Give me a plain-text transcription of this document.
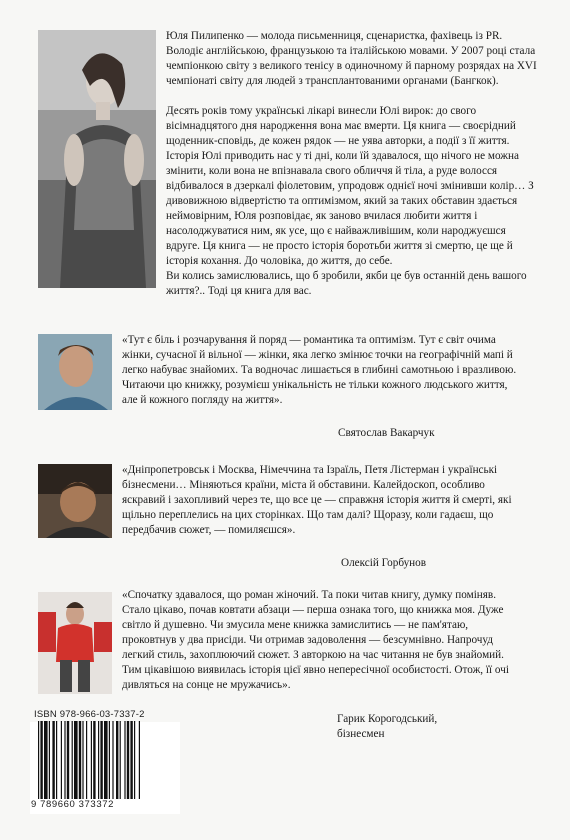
Юля Пилипенко — молода письменниця, сценаристка, фахівець із PR. Володіє англійською, французькою та італійською мовами. У 2007 році стала чемпіонкою світу з великого тенісу в одиночному й парному розрядах на XVI чемпіонаті світу для людей з трансплантованими органами (Бангкок).

Десять років тому українські лікарі винесли Юлі вирок: до свого вісімнадцятого дня народження вона має вмерти. Ця книга — своєрідний щоденник-сповідь, де кожен рядок — не уява авторки, а події з її життя. Історія Юлі приводить нас у ті дні, коли їй здавалося, що нічого не можна змінити, коли вона не впізнавала свого обличчя й тіла, а руде волосся відбивалося в дзеркалі фіолетовим, упродовж однієї ночі змінивши колір… З дивовижною відвертістю та оптимізмом, який за таких обставин здається неймовірним, Юля розповідає, як заново вчилася любити життя і насолоджуватися ним, як усе, що є найважливішим, коли народжуєшся вдруге. Ця книга — не просто історія боротьби життя зі смертю, це ще й історія кохання. До чоловіка, до життя, до себе.

Ви колись замислювались, що б зробили, якби це був останній день вашого життя?.. Тоді ця книга для вас.

«Тут є біль і розчарування й поряд — романтика та оптимізм. Тут є світ очима жінки, сучасної й вільної — жінки, яка легко змінює точки на географічній мапі й легко набуває знайомих. Та водночас лишається в глибині самотньою і вразливою. Читаючи цю книжку, розумієш унікальність не тільки кожного людського життя, але й кожного погляду на життя».

Святослав Вакарчук

«Дніпропетровськ і Москва, Німеччина та Ізраїль, Петя Лістерман і українські бізнесмени… Міняються країни, міста й обставини. Калейдоскоп, особливо яскравий і захопливий через те, що все це — справжня історія життя й смерті, які щільно переплелись на цих сторінках. Що там далі? Щоразу, коли гадаєш, що передбачив сюжет, — помиляєшся».

Олексій Горбунов

«Спочатку здавалося, що роман жіночий. Та поки читав книгу, думку поміняв. Стало цікаво, почав ковтати абзаци — перша ознака того, що книжка моя. Дуже світло й душевно. Чи змусила мене книжка замислитись — не пам'ятаю, проковтнув у два присіди. Чи отримав задоволення — безсумнівно. Напрочуд легкий стиль, захоплюючий сюжет. З авторкою на час читання не був знайомий. Тим цікавішою виявилась історія цієї явно непересічної особистості. Отож, її очі дивляться на сонце не мружачись».

Гарик Корогодський,
бізнесмен
ISBN 978-966-03-7337-2
9 789660 373372
